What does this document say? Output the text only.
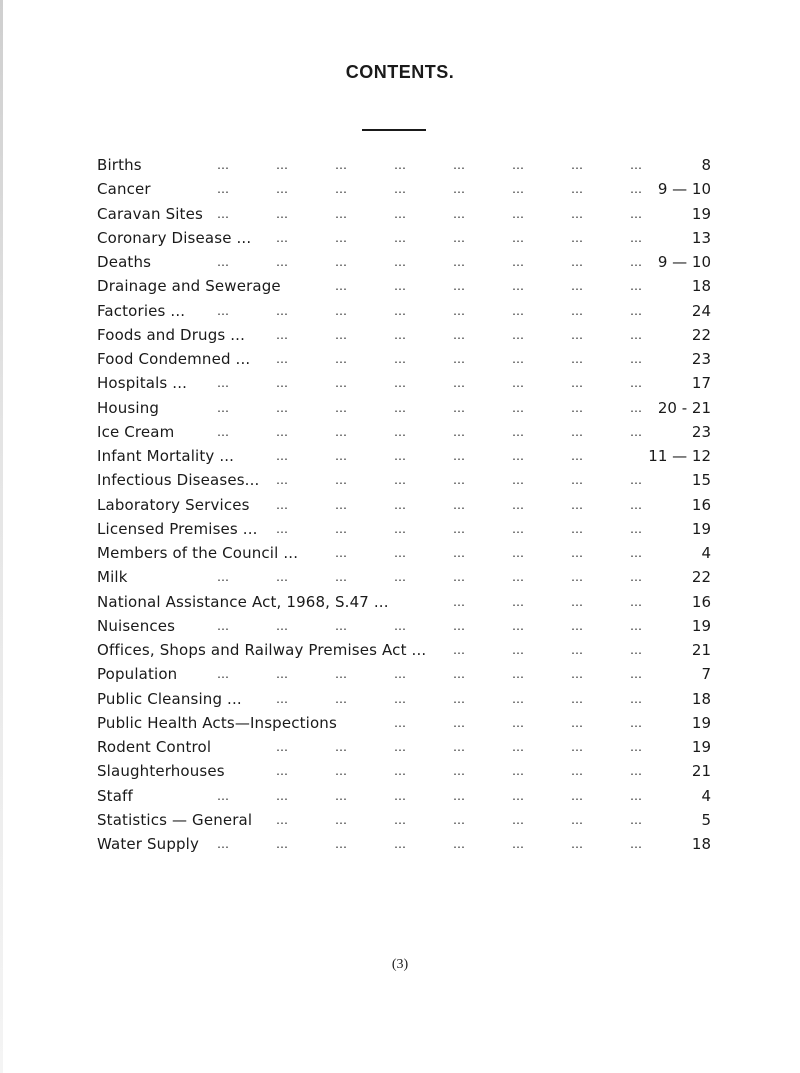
CONTENTS.
Births	8
…	…	…	…	…	…	…	…
Cancer	9 — 10
…	…	…	…	…	…	…	…
Caravan Sites	19
…	…	…	…	…	…	…	…
Coronary Disease ...	13
…	…	…	…	…	…	…
Deaths	9 — 10
…	…	…	…	…	…	…	…
Drainage and Sewerage	18
…	…	…	…	…	…
Factories ...	24
…	…	…	…	…	…	…	…
Foods and Drugs ...	22
…	…	…	…	…	…	…
Food Condemned ...	23
…	…	…	…	…	…	…
Hospitals ...	17
…	…	…	…	…	…	…	…
Housing	20 - 21
…	…	…	…	…	…	…	…
Ice Cream	23
…	…	…	…	…	…	…	…
Infant Mortality ...	11 — 12
…	…	…	…	…	…
Infectious Diseases...	15
…	…	…	…	…	…	…
Laboratory Services	16
…	…	…	…	…	…	…
Licensed Premises ...	19
…	…	…	…	…	…	…
Members of the Council ...	4
…	…	…	…	…	…
Milk	22
…	…	…	…	…	…	…	…
National Assistance Act, 1968, S.47 ...	16
…	…	…	…
Nuisences	19
…	…	…	…	…	…	…	…
Offices, Shops and Railway Premises Act ...	21
…	…	…	…
Population	7
…	…	…	…	…	…	…	…
Public Cleansing ...	18
…	…	…	…	…	…	…
Public Health Acts—Inspections	19
…	…	…	…	…
Rodent Control	19
…	…	…	…	…	…	…
Slaughterhouses	21
…	…	…	…	…	…	…
Staff	4
…	…	…	…	…	…	…	…
Statistics — General	5
…	…	…	…	…	…	…
Water Supply	18
…	…	…	…	…	…	…	…
(3)
